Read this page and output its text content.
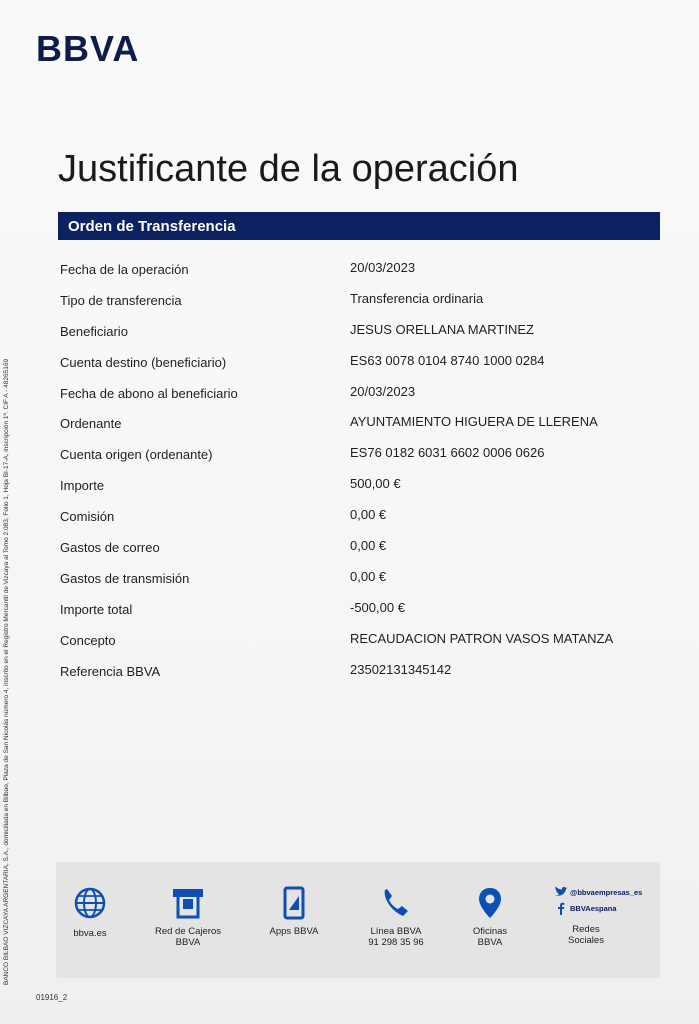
BBVA
Justificante de la operación
Orden de Transferencia
Fecha de la operación	20/03/2023
Tipo de transferencia	Transferencia ordinaria
Beneficiario	JESUS ORELLANA MARTINEZ
Cuenta destino (beneficiario)	ES63 0078 0104 8740 1000 0284
Fecha de abono al beneficiario	20/03/2023
Ordenante	AYUNTAMIENTO HIGUERA DE LLERENA
Cuenta origen (ordenante)	ES76 0182 6031 6602 0006 0626
Importe	500,00 €
Comisión	0,00 €
Gastos de correo	0,00 €
Gastos de transmisión	0,00 €
Importe total	-500,00 €
Concepto	RECAUDACION PATRON VASOS MATANZA
Referencia BBVA	23502131345142
BANCO BILBAO VIZCAYA ARGENTARIA, S.A., domiciliada en Bilbao, Plaza de San Nicolás número 4, inscrito en el Registro Mercantil de Vizcaya al Tomo 2.083, Folio 1, Hoja BI-17-A, inscripción 1ª. CIF A - 48265169	bbva.es	Red de Cajeros
BBVA
Apps BBVA	Línea BBVA
91 298 35 96
Oficinas
BBVA
@bbvaempresas_es
BBVAespana
Redes
Sociales
01916_2
